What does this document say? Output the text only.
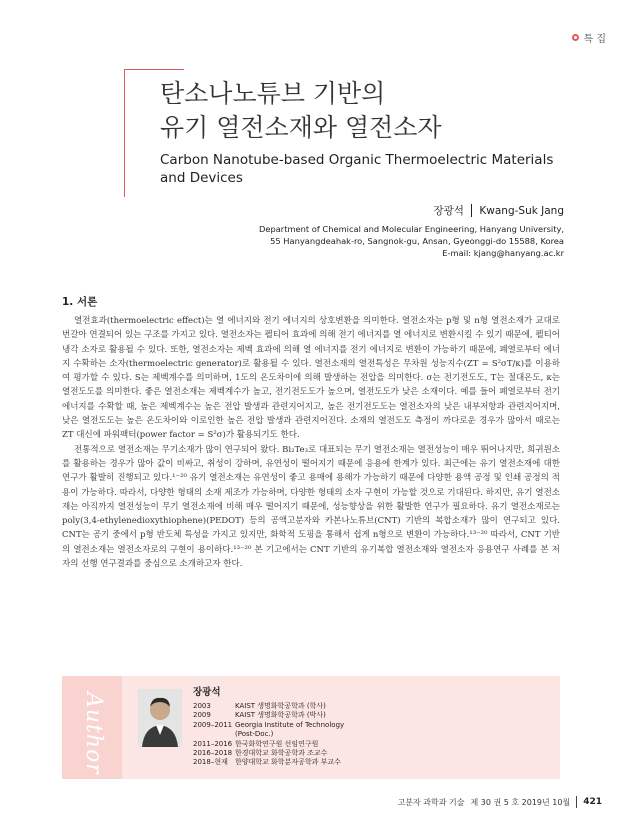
특 집
탄소나노튜브 기반의
유기 열전소재와 열전소자
Carbon Nanotube-based Organic Thermoelectric Materials and Devices
장광석 Kwang-Suk Jang
Department of Chemical and Molecular Engineering, Hanyang University,
55 Hanyangdeahak-ro, Sangnok-gu, Ansan, Gyeonggi-do 15588, Korea
E-mail: kjang@hanyang.ac.kr
1. 서론

열전효과(thermoelectric effect)는 열 에너지와 전기 에너지의 상호변환을 의미한다. 열전소자는 p형 및 n형 열전소재가 교대로 번갈아 연결되어 있는 구조를 가지고 있다. 열전소자는 펠티어 효과에 의해 전기 에너지를 열 에너지로 변환시킬 수 있기 때문에, 펠티어 냉각 소자로 활용될 수 있다. 또한, 열전소자는 제벡 효과에 의해 열 에너지를 전기 에너지로 변환이 가능하기 때문에, 폐열로부터 에너지 수확하는 소자(thermoelectric generator)로 활용될 수 있다. 열전소재의 열전특성은 무차원 성능지수(ZT = S²σT/κ)를 이용하여 평가할 수 있다. S는 제벡계수를 의미하며, 1도의 온도차이에 의해 발생하는 전압을 의미한다. σ는 전기전도도, T는 절대온도, κ는 열전도도를 의미한다. 좋은 열전소재는 제벡계수가 높고, 전기전도도가 높으며, 열전도도가 낮은 소재이다. 예를 들어 폐열로부터 전기에너지를 수확할 때, 높은 제벡계수는 높은 전압 발생과 관련지어지고, 높은 전기전도도는 열전소자의 낮은 내부저항과 관련지어지며, 낮은 열전도도는 높은 온도차이와 이로인한 높은 전압 발생과 관련지어진다. 소재의 열전도도 측정이 까다로운 경우가 많아서 때로는 ZT 대신에 파워팩터(power factor = S²σ)가 활용되기도 한다.

전통적으로 열전소재는 무기소재가 많이 연구되어 왔다. Bi₂Te₃로 대표되는 무기 열전소재는 열전성능이 매우 뛰어나지만, 희귀원소를 활용하는 경우가 많아 값이 비싸고, 취성이 강하며, 유연성이 떨어지기 때문에 응용에 한계가 있다. 최근에는 유기 열전소재에 대한 연구가 활발히 진행되고 있다.¹⁻²⁰ 유기 열전소재는 유연성이 좋고 용매에 용해가 가능하기 때문에 다양한 용액 공정 및 인쇄 공정의 적용이 가능하다. 따라서, 다양한 형태의 소재 제조가 가능하며, 다양한 형태의 소자 구현이 가능할 것으로 기대된다. 하지만, 유기 열전소재는 아직까지 열전성능이 무기 열전소재에 비해 매우 떨어지기 때문에, 성능향상을 위한 활발한 연구가 필요하다. 유기 열전소재로는 poly(3,4-ethylenedioxythiophene)(PEDOT) 등의 공액고분자와 카본나노튜브(CNT) 기반의 복합소재가 많이 연구되고 있다. CNT는 공기 중에서 p형 반도체 특성을 가지고 있지만, 화학적 도핑을 통해서 쉽게 n형으로 변환이 가능하다.¹³⁻²⁰ 따라서, CNT 기반의 열전소재는 열전소자로의 구현이 용이하다.¹³⁻²⁰ 본 기고에서는 CNT 기반의 유기복합 열전소재와 열전소자 응용연구 사례를 본 저자의 선행 연구결과를 중심으로 소개하고자 한다.

Author	장광석
2003	KAIST 생명화학공학과 (학사)
2009	KAIST 생명화학공학과 (박사)
2009–2011 Georgia Institute of Technology
(Post-Doc.)
2011–2016 한국화학연구원 선임연구원
2016–2018 한경대학교 화학공학과 조교수
2018–현재	한양대학교 화학분자공학과 부교수
고분자 과학과 기술 제 30 권 5 호 2019년 10월 421
